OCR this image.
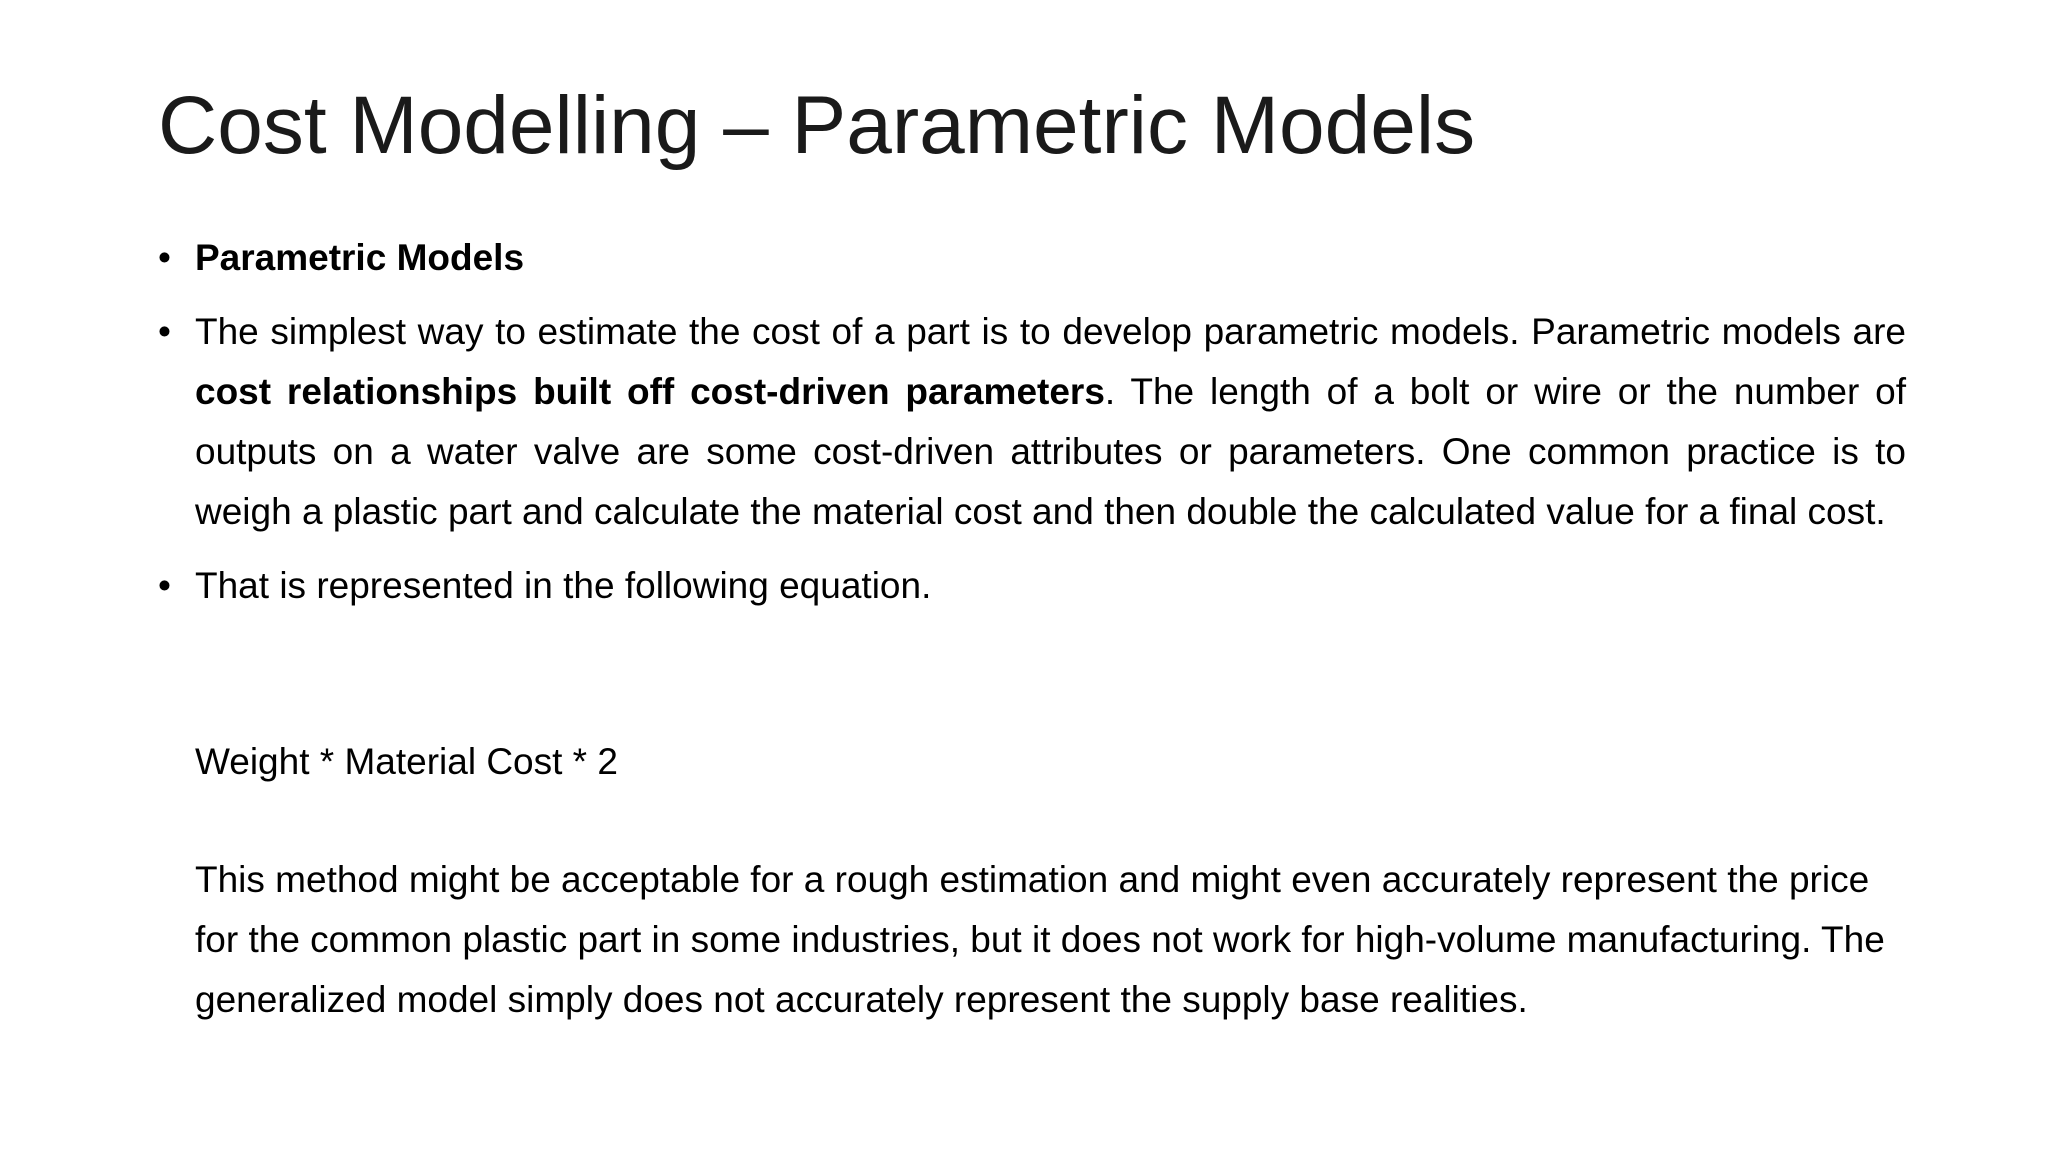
Cost Modelling – Parametric Models
• Parametric Models
• The simplest way to estimate the cost of a part is to develop parametric models. Parametric models are cost relationships built off cost-driven parameters. The length of a bolt or wire or the number of outputs on a water valve are some cost-driven attributes or parameters. One common practice is to weigh a plastic part and calculate the material cost and then double the calculated value for a final cost.
• That is represented in the following equation.
Weight * Material Cost * 2
This method might be acceptable for a rough estimation and might even accurately represent the price for the common plastic part in some industries, but it does not work for high-volume manufacturing. The generalized model simply does not accurately represent the supply base realities.
